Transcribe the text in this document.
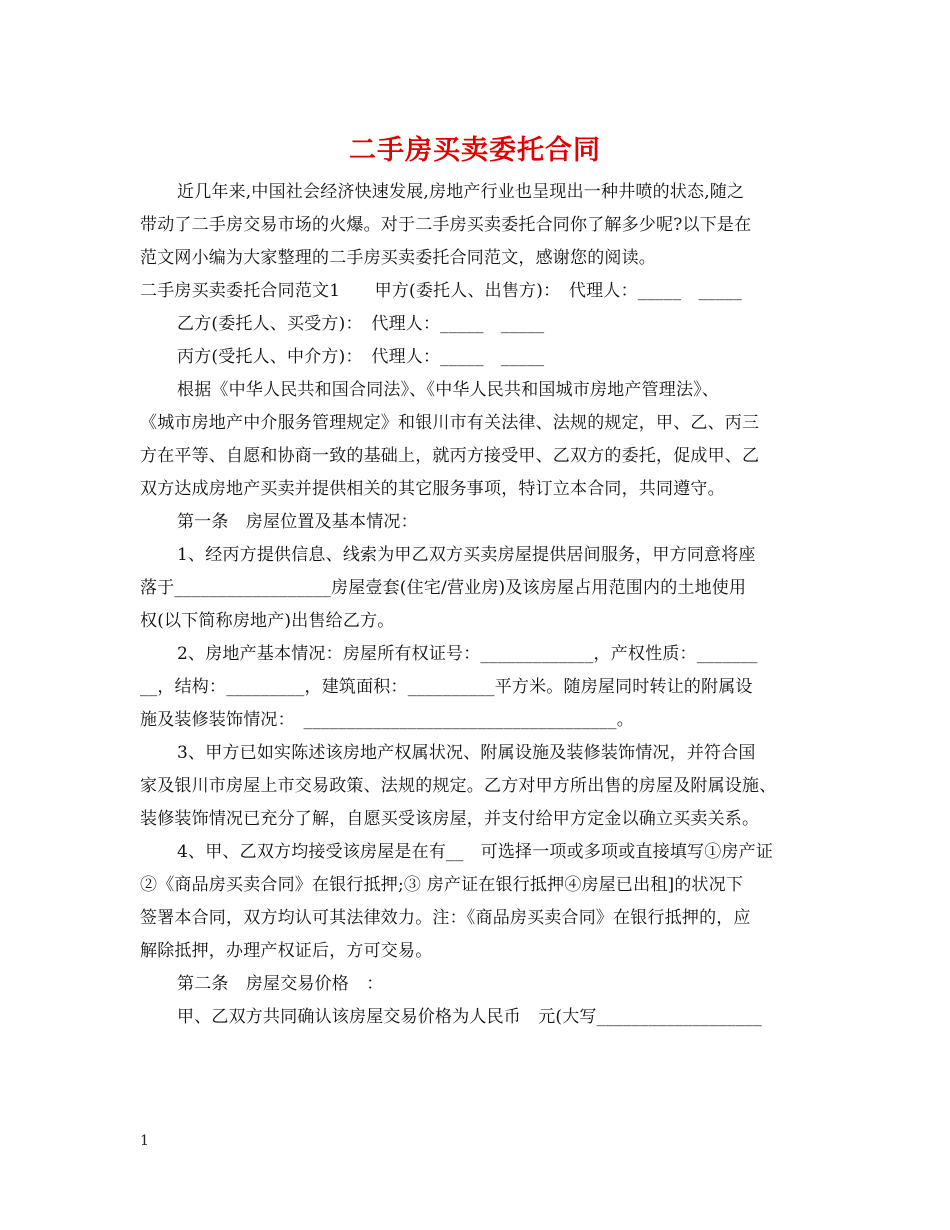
二手房买卖委托合同
近几年来,中国社会经济快速发展,房地产行业也呈现出一种井喷的状态,随之
带动了二手房交易市场的火爆。对于二手房买卖委托合同你了解多少呢?以下是在
范文网小编为大家整理的二手房买卖委托合同范文，感谢您的阅读。
二手房买卖委托合同范文1　　甲方(委托人、出售方)：　代理人：_____　_____
乙方(委托人、买受方)：　代理人：_____　_____
丙方(受托人、中介方)：　代理人：_____　_____
根据《中华人民共和国合同法》、《中华人民共和国城市房地产管理法》、
《城市房地产中介服务管理规定》和银川市有关法律、法规的规定，甲、乙、丙三
方在平等、自愿和协商一致的基础上，就丙方接受甲、乙双方的委托，促成甲、乙
双方达成房地产买卖并提供相关的其它服务事项，特订立本合同，共同遵守。
第一条　房屋位置及基本情况：
1、经丙方提供信息、线索为甲乙双方买卖房屋提供居间服务，甲方同意将座
落于__________________房屋壹套(住宅/营业房)及该房屋占用范围内的土地使用
权(以下简称房地产)出售给乙方。
2、房地产基本情况：房屋所有权证号：_____________，产权性质：_______
__，结构：_________，建筑面积：__________平方米。随房屋同时转让的附属设
施及装修装饰情况：　____________________________________。
3、甲方已如实陈述该房地产权属状况、附属设施及装修装饰情况，并符合国
家及银川市房屋上市交易政策、法规的规定。乙方对甲方所出售的房屋及附属设施、
装修装饰情况已充分了解，自愿买受该房屋，并支付给甲方定金以确立买卖关系。
4、甲、乙双方均接受该房屋是在有__　可选择一项或多项或直接填写①房产证
②《商品房买卖合同》在银行抵押;③ 房产证在银行抵押④房屋已出租]的状况下
签署本合同，双方均认可其法律效力。注：《商品房买卖合同》在银行抵押的，应
解除抵押，办理产权证后，方可交易。
第二条　房屋交易价格　：
甲、乙双方共同确认该房屋交易价格为人民币　元(大写___________________
1
